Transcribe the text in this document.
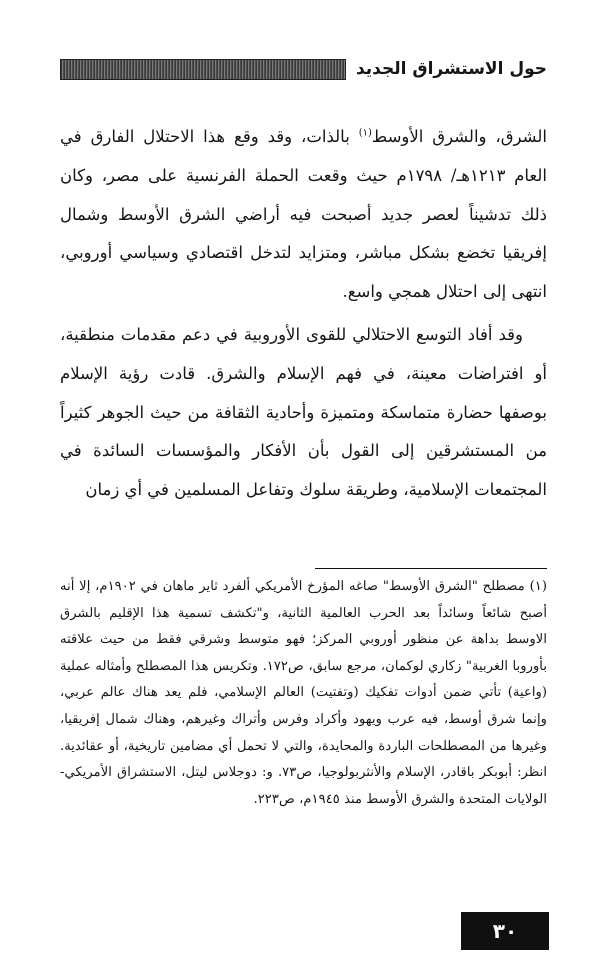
حول الاستشراق الجديد

الشرق، والشرق الأوسط$^{(١)}$ بالذات، وقد وقع هذا الاحتلال الفارق في العام ١٢١٣هـ/ ١٧٩٨م حيث وقعت الحملة الفرنسية على مصر، وكان ذلك تدشيناً لعصر جديد أصبحت فيه أراضي الشرق الأوسط وشمال إفريقيا تخضع بشكل مباشر، ومتزايد لتدخل اقتصادي وسياسي أوروبي، انتهى إلى احتلال همجي واسع.

وقد أفاد التوسع الاحتلالي للقوى الأوروبية في دعم مقدمات منطقية، أو افتراضات معينة، في فهم الإسلام والشرق. قادت رؤية الإسلام بوصفها حضارة متماسكة ومتميزة وأحادية الثقافة من حيث الجوهر كثيراً من المستشرقين إلى القول بأن الأفكار والمؤسسات السائدة في المجتمعات الإسلامية، وطريقة سلوك وتفاعل المسلمين في أي زمان

(١) مصطلح "الشرق الأوسط" صاغه المؤرخ الأمريكي ألفرد ثاير ماهان في ١٩٠٢م، إلا أنه أصبح شائعاً وسائداً بعد الحرب العالمية الثانية، و"تكشف تسمية هذا الإقليم بالشرق الاوسط بداهة عن منظور أوروبي المركز؛ فهو متوسط وشرقي فقط من حيث علاقته بأوروبا الغربية" زكاري لوكمان، مرجع سابق، ص١٧٢. وتكريس هذا المصطلح وأمثاله عملية (واعية) تأتي ضمن أدوات تفكيك (وتفتيت) العالم الإسلامي، فلم يعد هناك عالم عربي، وإنما شرق أوسط، فيه عرب ويهود وأكراد وفرس وأتراك وغيرهم، وهناك شمال إفريقيا، وغيرها من المصطلحات الباردة والمحايدة، والتي لا تحمل أي مضامين تاريخية، أو عقائدية. انظر: أبوبكر باقادر، الإسلام والأنثربولوجيا، ص٧٣. و: دوجلاس ليتل، الاستشراق الأمريكي-الولايات المتحدة والشرق الأوسط منذ ١٩٤٥م، ص٢٢٣.

٣٠
